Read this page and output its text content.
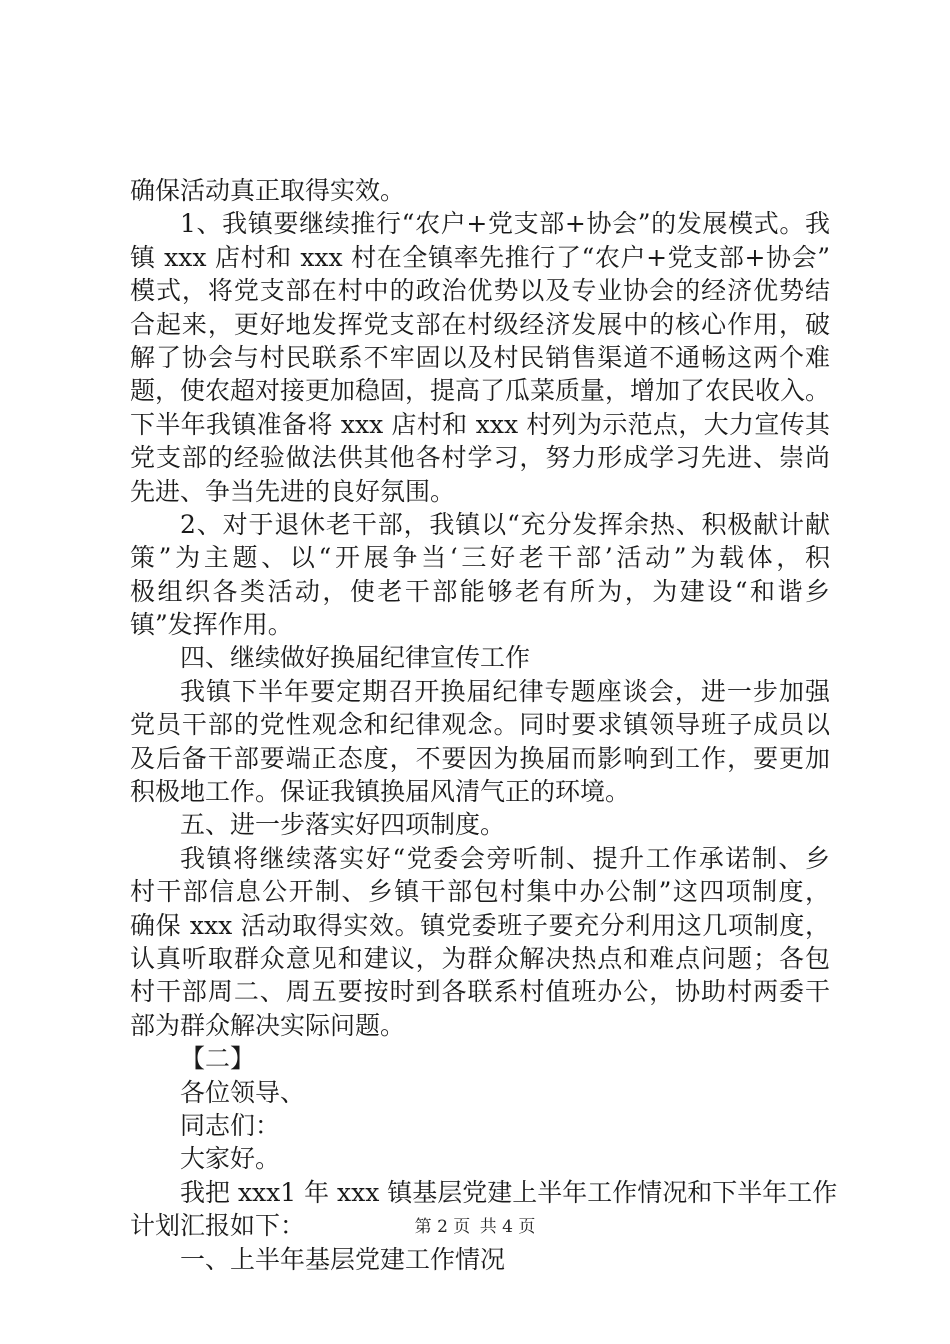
确保活动真正取得实效。
1、我镇要继续推行“农户+党支部+协会”的发展模式。我
镇 xxx 店村和 xxx 村在全镇率先推行了“农户+党支部+协会”
模式，将党支部在村中的政治优势以及专业协会的经济优势结
合起来，更好地发挥党支部在村级经济发展中的核心作用，破
解了协会与村民联系不牢固以及村民销售渠道不通畅这两个难
题，使农超对接更加稳固，提高了瓜菜质量，增加了农民收入。
下半年我镇准备将 xxx 店村和 xxx 村列为示范点，大力宣传其
党支部的经验做法供其他各村学习，努力形成学习先进、崇尚
先进、争当先进的良好氛围。
2、对于退休老干部，我镇以“充分发挥余热、积极献计献
策”为主题、以“开展争当‘三好老干部’活动”为载体，积
极组织各类活动，使老干部能够老有所为，为建设“和谐乡
镇”发挥作用。
四、继续做好换届纪律宣传工作
我镇下半年要定期召开换届纪律专题座谈会，进一步加强
党员干部的党性观念和纪律观念。同时要求镇领导班子成员以
及后备干部要端正态度，不要因为换届而影响到工作，要更加
积极地工作。保证我镇换届风清气正的环境。
五、进一步落实好四项制度。
我镇将继续落实好“党委会旁听制、提升工作承诺制、乡
村干部信息公开制、乡镇干部包村集中办公制”这四项制度，
确保 xxx 活动取得实效。镇党委班子要充分利用这几项制度，
认真听取群众意见和建议，为群众解决热点和难点问题；各包
村干部周二、周五要按时到各联系村值班办公，协助村两委干
部为群众解决实际问题。
【二】
各位领导、
同志们：
大家好。
我把 xxx1 年 xxx 镇基层党建上半年工作情况和下半年工作
计划汇报如下：
一、上半年基层党建工作情况
第 2 页 共 4 页
